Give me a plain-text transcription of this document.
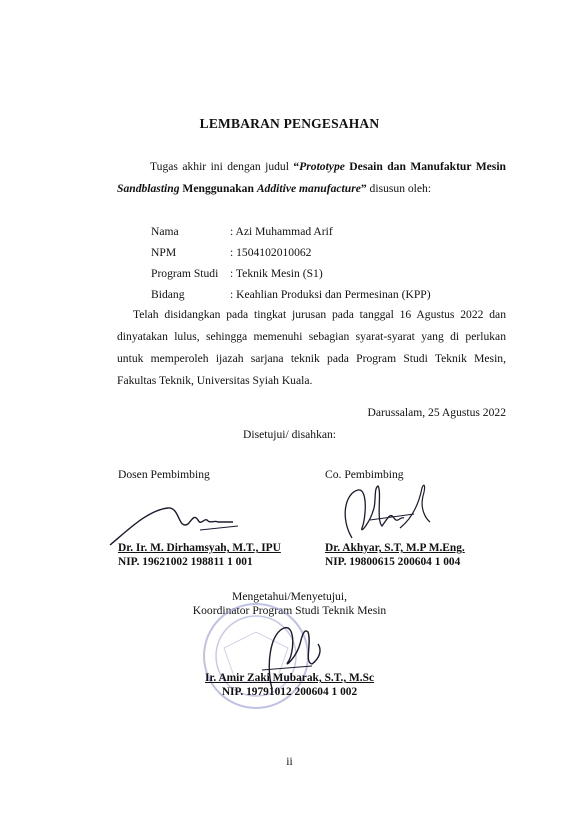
LEMBARAN PENGESAHAN
Tugas akhir ini dengan judul “Prototype Desain dan Manufaktur Mesin Sandblasting Menggunakan Additive manufacture” disusun oleh:
Nama	: Azi Muhammad Arif
NPM	: 1504102010062
Program Studi : Teknik Mesin (S1)
Bidang	: Keahlian Produksi dan Permesinan (KPP)
Telah disidangkan pada tingkat jurusan pada tanggal 16 Agustus 2022 dan dinyatakan lulus, sehingga memenuhi sebagian syarat-syarat yang di perlukan untuk memperoleh ijazah sarjana teknik pada Program Studi Teknik Mesin, Fakultas Teknik, Universitas Syiah Kuala.
Darussalam, 25 Agustus 2022
Disetujui/ disahkan:
Dosen Pembimbing
Dr. Ir. M. Dirhamsyah, M.T., IPU
NIP. 19621002 198811 1 001
Co. Pembimbing
Dr. Akhyar, S.T, M.P M.Eng.
NIP. 19800615 200604 1 004
Mengetahui/Menyetujui,
Koordinator Program Studi Teknik Mesin
Ir. Amir Zaki Mubarak, S.T., M.Sc
NIP. 19791012 200604 1 002
ii
